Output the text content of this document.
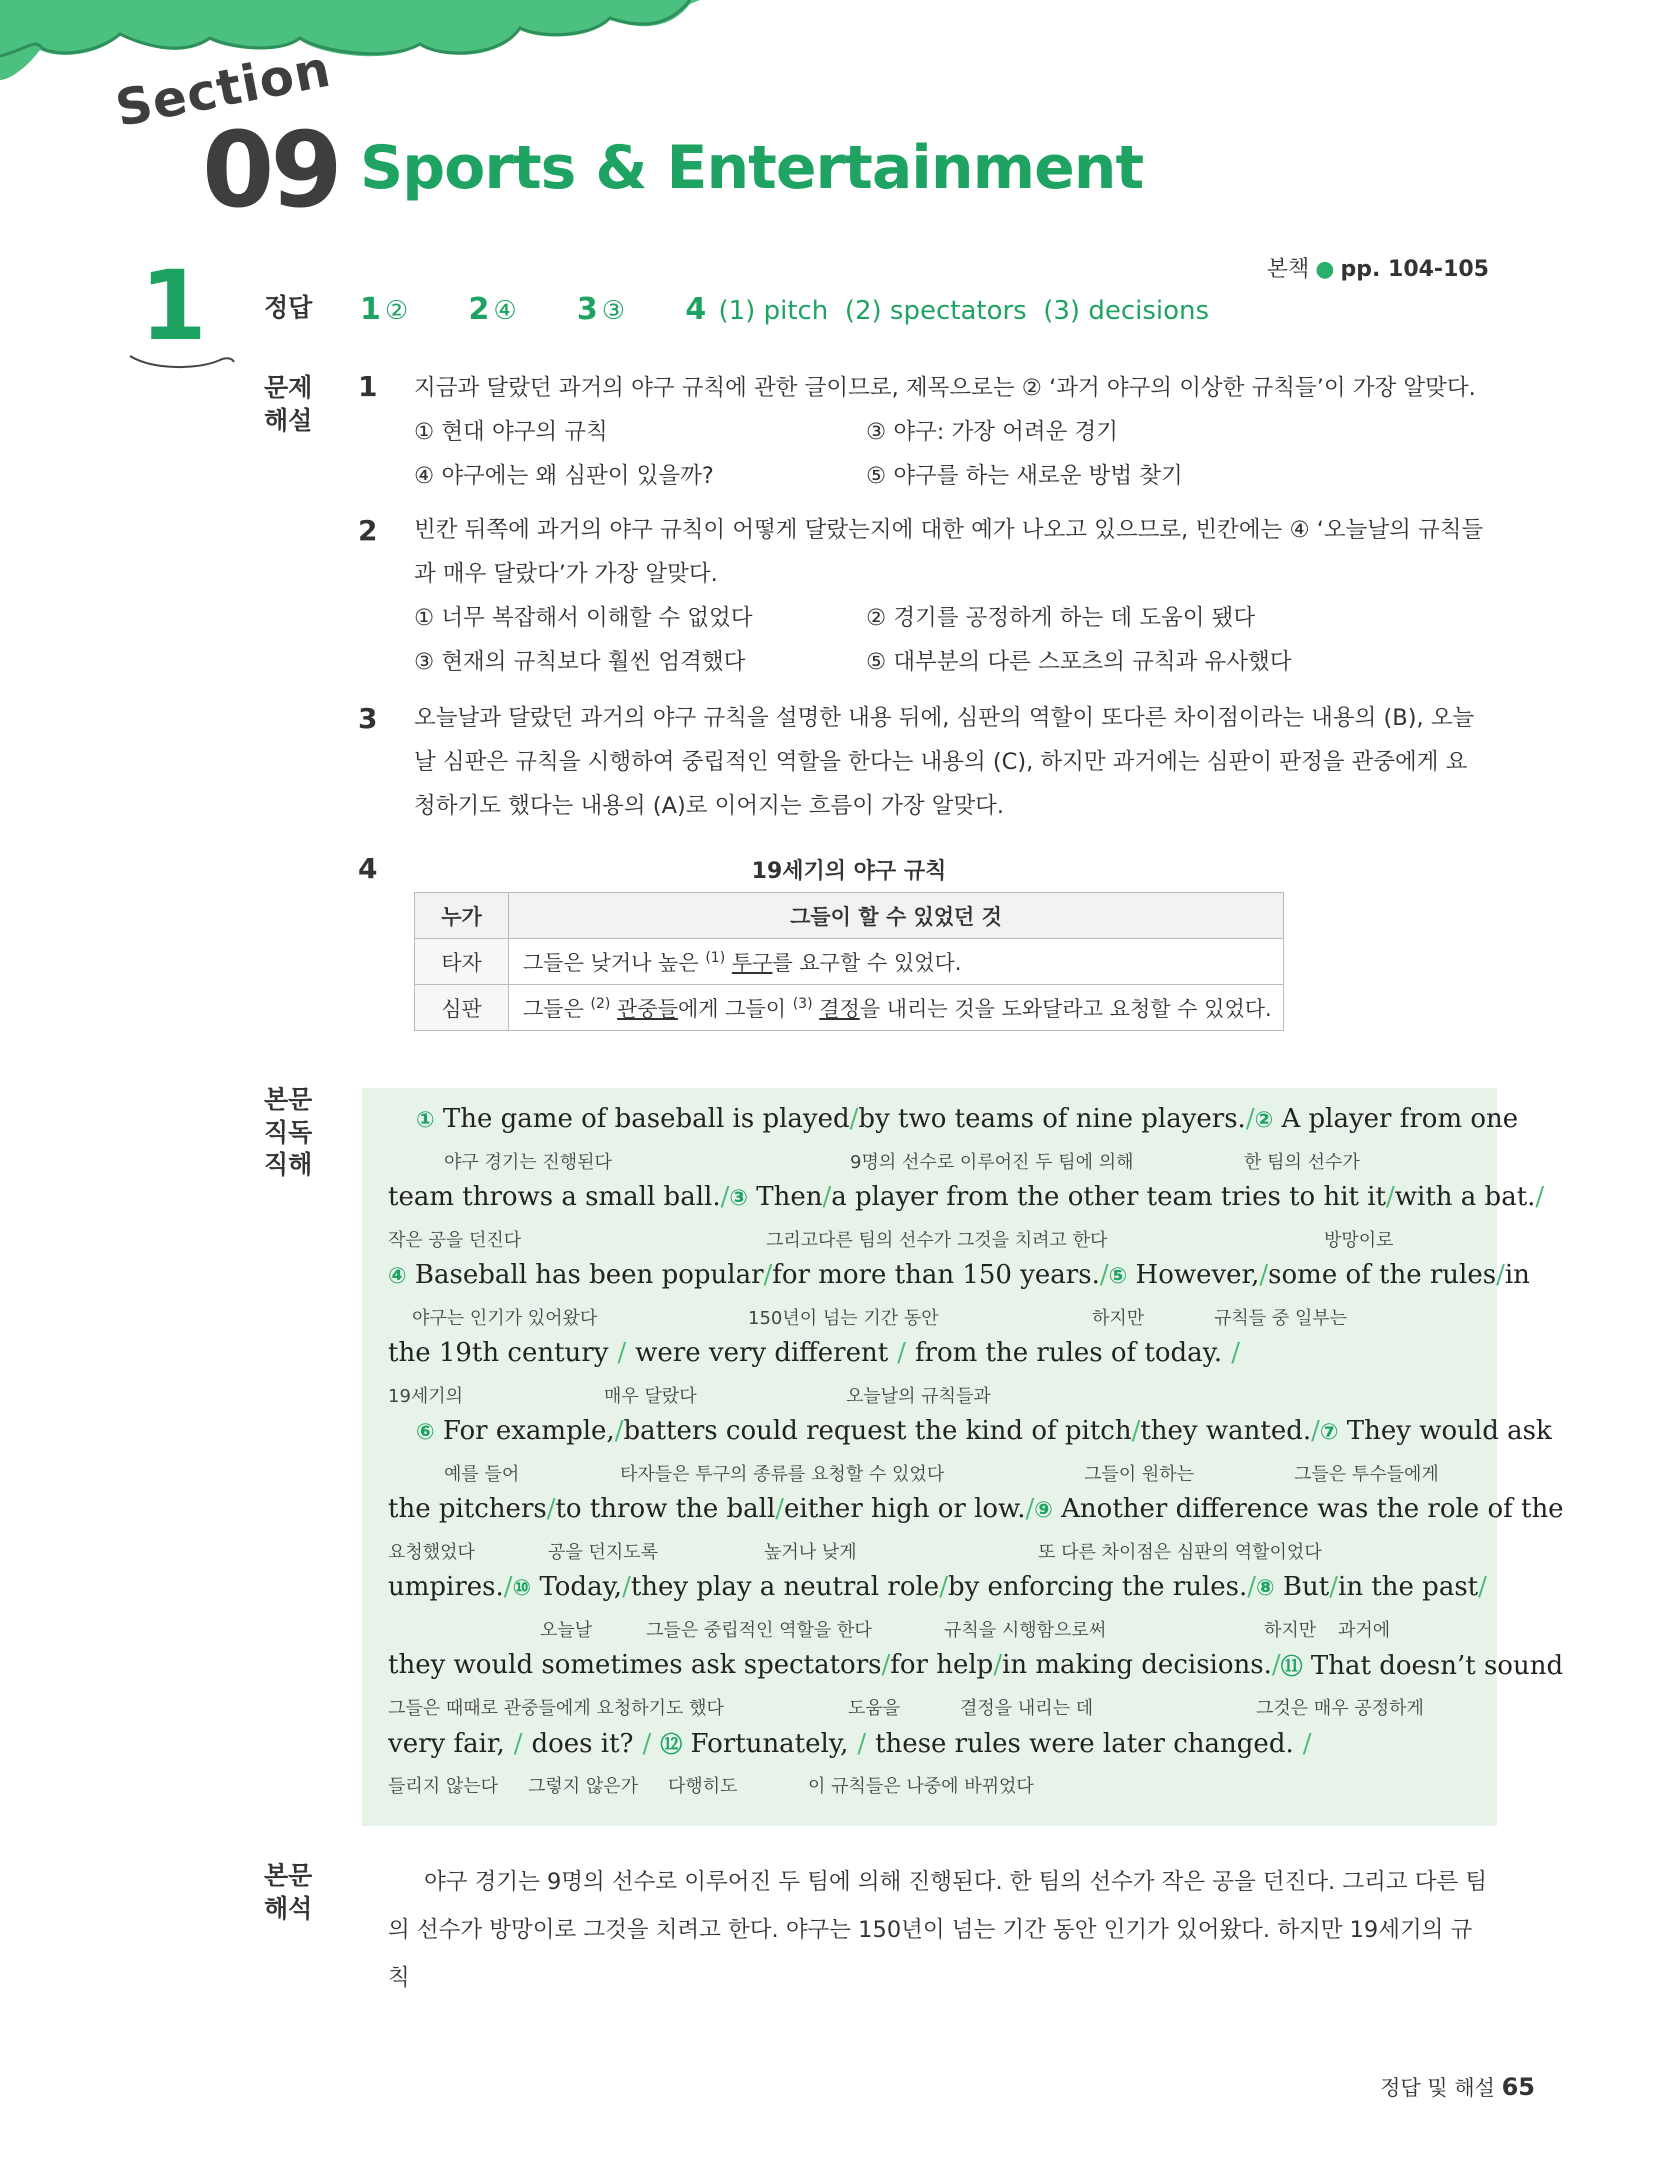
Section
09 Sports & Entertainment
본책 ● pp. 104-105
1 정답 1 ② 2 ④ 3 ③ 4 (1) pitch  (2) spectators  (3) decisions
문제
해설
1 지금과 달랐던 과거의 야구 규칙에 관한 글이므로, 제목으로는 ② ‘과거 야구의 이상한 규칙들’이 가장 알맞다.
① 현대 야구의 규칙	③ 야구: 가장 어려운 경기
④ 야구에는 왜 심판이 있을까?	⑤ 야구를 하는 새로운 방법 찾기
2 빈칸 뒤쪽에 과거의 야구 규칙이 어떻게 달랐는지에 대한 예가 나오고 있으므로, 빈칸에는 ④ ‘오늘날의 규칙들과 매우 달랐다’가 가장 알맞다.
① 너무 복잡해서 이해할 수 없었다	② 경기를 공정하게 하는 데 도움이 됐다
③ 현재의 규칙보다 훨씬 엄격했다	⑤ 대부분의 다른 스포츠의 규칙과 유사했다
3 오늘날과 달랐던 과거의 야구 규칙을 설명한 내용 뒤에, 심판의 역할이 또다른 차이점이라는 내용의 (B), 오늘날 심판은 규칙을 시행하여 중립적인 역할을 한다는 내용의 (C), 하지만 과거에는 심판이 판정을 관중에게 요청하기도 했다는 내용의 (A)로 이어지는 흐름이 가장 알맞다.
4	19세기의 야구 규칙
누가	그들이 할 수 있었던 것
타자	그들은 낮거나 높은 $^{(1)}$ 투구를 요구할 수 있었다.
심판	그들은 $^{(2)}$ 관중들에게 그들이 $^{(3)}$ 결정을 내리는 것을 도와달라고 요청할 수 있었다.
본문
직독
직해
① The game of baseball is played / by two teams of nine players. / ② A player from one
야구 경기는 진행된다	9명의 선수로 이루어진 두 팀에 의해	한 팀의 선수가
team throws a small ball. / ③ Then / a player from the other team tries to hit it / with a bat. /
작은 공을 던진다	그리고 다른 팀의 선수가 그것을 치려고 한다	방망이로
④ Baseball has been popular / for more than 150 years. / ⑤ However, / some of the rules / in
야구는 인기가 있어왔다	150년이 넘는 기간 동안	하지만	규칙들 중 일부는
the 19th century / were very different / from the rules of today. /
19세기의	매우 달랐다	오늘날의 규칙들과
⑥ For example, / batters could request the kind of pitch / they wanted. / ⑦ They would ask
예를 들어	타자들은 투구의 종류를 요청할 수 있었다	그들이 원하는	그들은 투수들에게
the pitchers / to throw the ball / either high or low. / ⑨ Another difference was the role of the
요청했었다	공을 던지도록	높거나 낮게	또 다른 차이점은 심판의 역할이었다
umpires. / ⑩ Today, / they play a neutral role / by enforcing the rules. / ⑧ But / in the past /
오늘날	그들은 중립적인 역할을 한다	규칙을 시행함으로써	하지만 과거에
they would sometimes ask spectators / for help / in making decisions. / ⑪ That doesn’t sound
그들은 때때로 관중들에게 요청하기도 했다	도움을	결정을 내리는 데	그것은 매우 공정하게
very fair, / does it? / ⑫ Fortunately, / these rules were later changed. /
들리지 않는다 그렇지 않은가 다행히도	이 규칙들은 나중에 바뀌었다
본문
해석
야구 경기는 9명의 선수로 이루어진 두 팀에 의해 진행된다. 한 팀의 선수가 작은 공을 던진다. 그리고 다른 팀
의 선수가 방망이로 그것을 치려고 한다. 야구는 150년이 넘는 기간 동안 인기가 있어왔다. 하지만 19세기의 규칙
정답 및 해설 65
